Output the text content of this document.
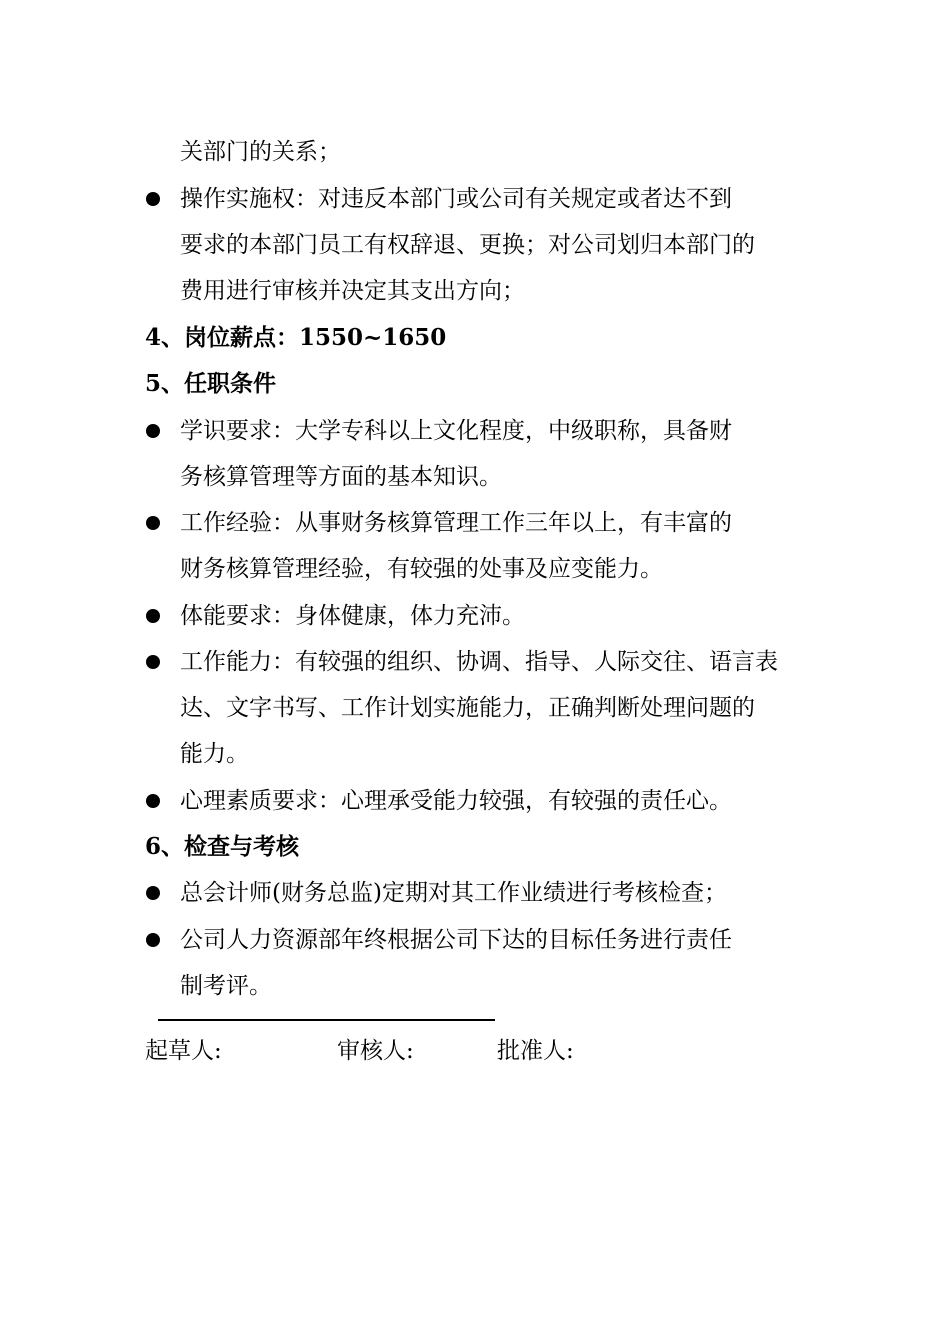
关部门的关系；
操作实施权：对违反本部门或公司有关规定或者达不到
要求的本部门员工有权辞退、更换；对公司划归本部门的
费用进行审核并决定其支出方向；
4、岗位薪点：1550~1650
5、任职条件
学识要求：大学专科以上文化程度，中级职称，具备财
务核算管理等方面的基本知识。
工作经验：从事财务核算管理工作三年以上，有丰富的
财务核算管理经验，有较强的处事及应变能力。
体能要求：身体健康，体力充沛。
工作能力：有较强的组织、协调、指导、人际交往、语言表
达、文字书写、工作计划实施能力，正确判断处理问题的
能力。
心理素质要求：心理承受能力较强，有较强的责任心。
6、检查与考核
总会计师(财务总监)定期对其工作业绩进行考核检查；
公司人力资源部年终根据公司下达的目标任务进行责任
制考评。
起草人:	审核人:	批准人:
